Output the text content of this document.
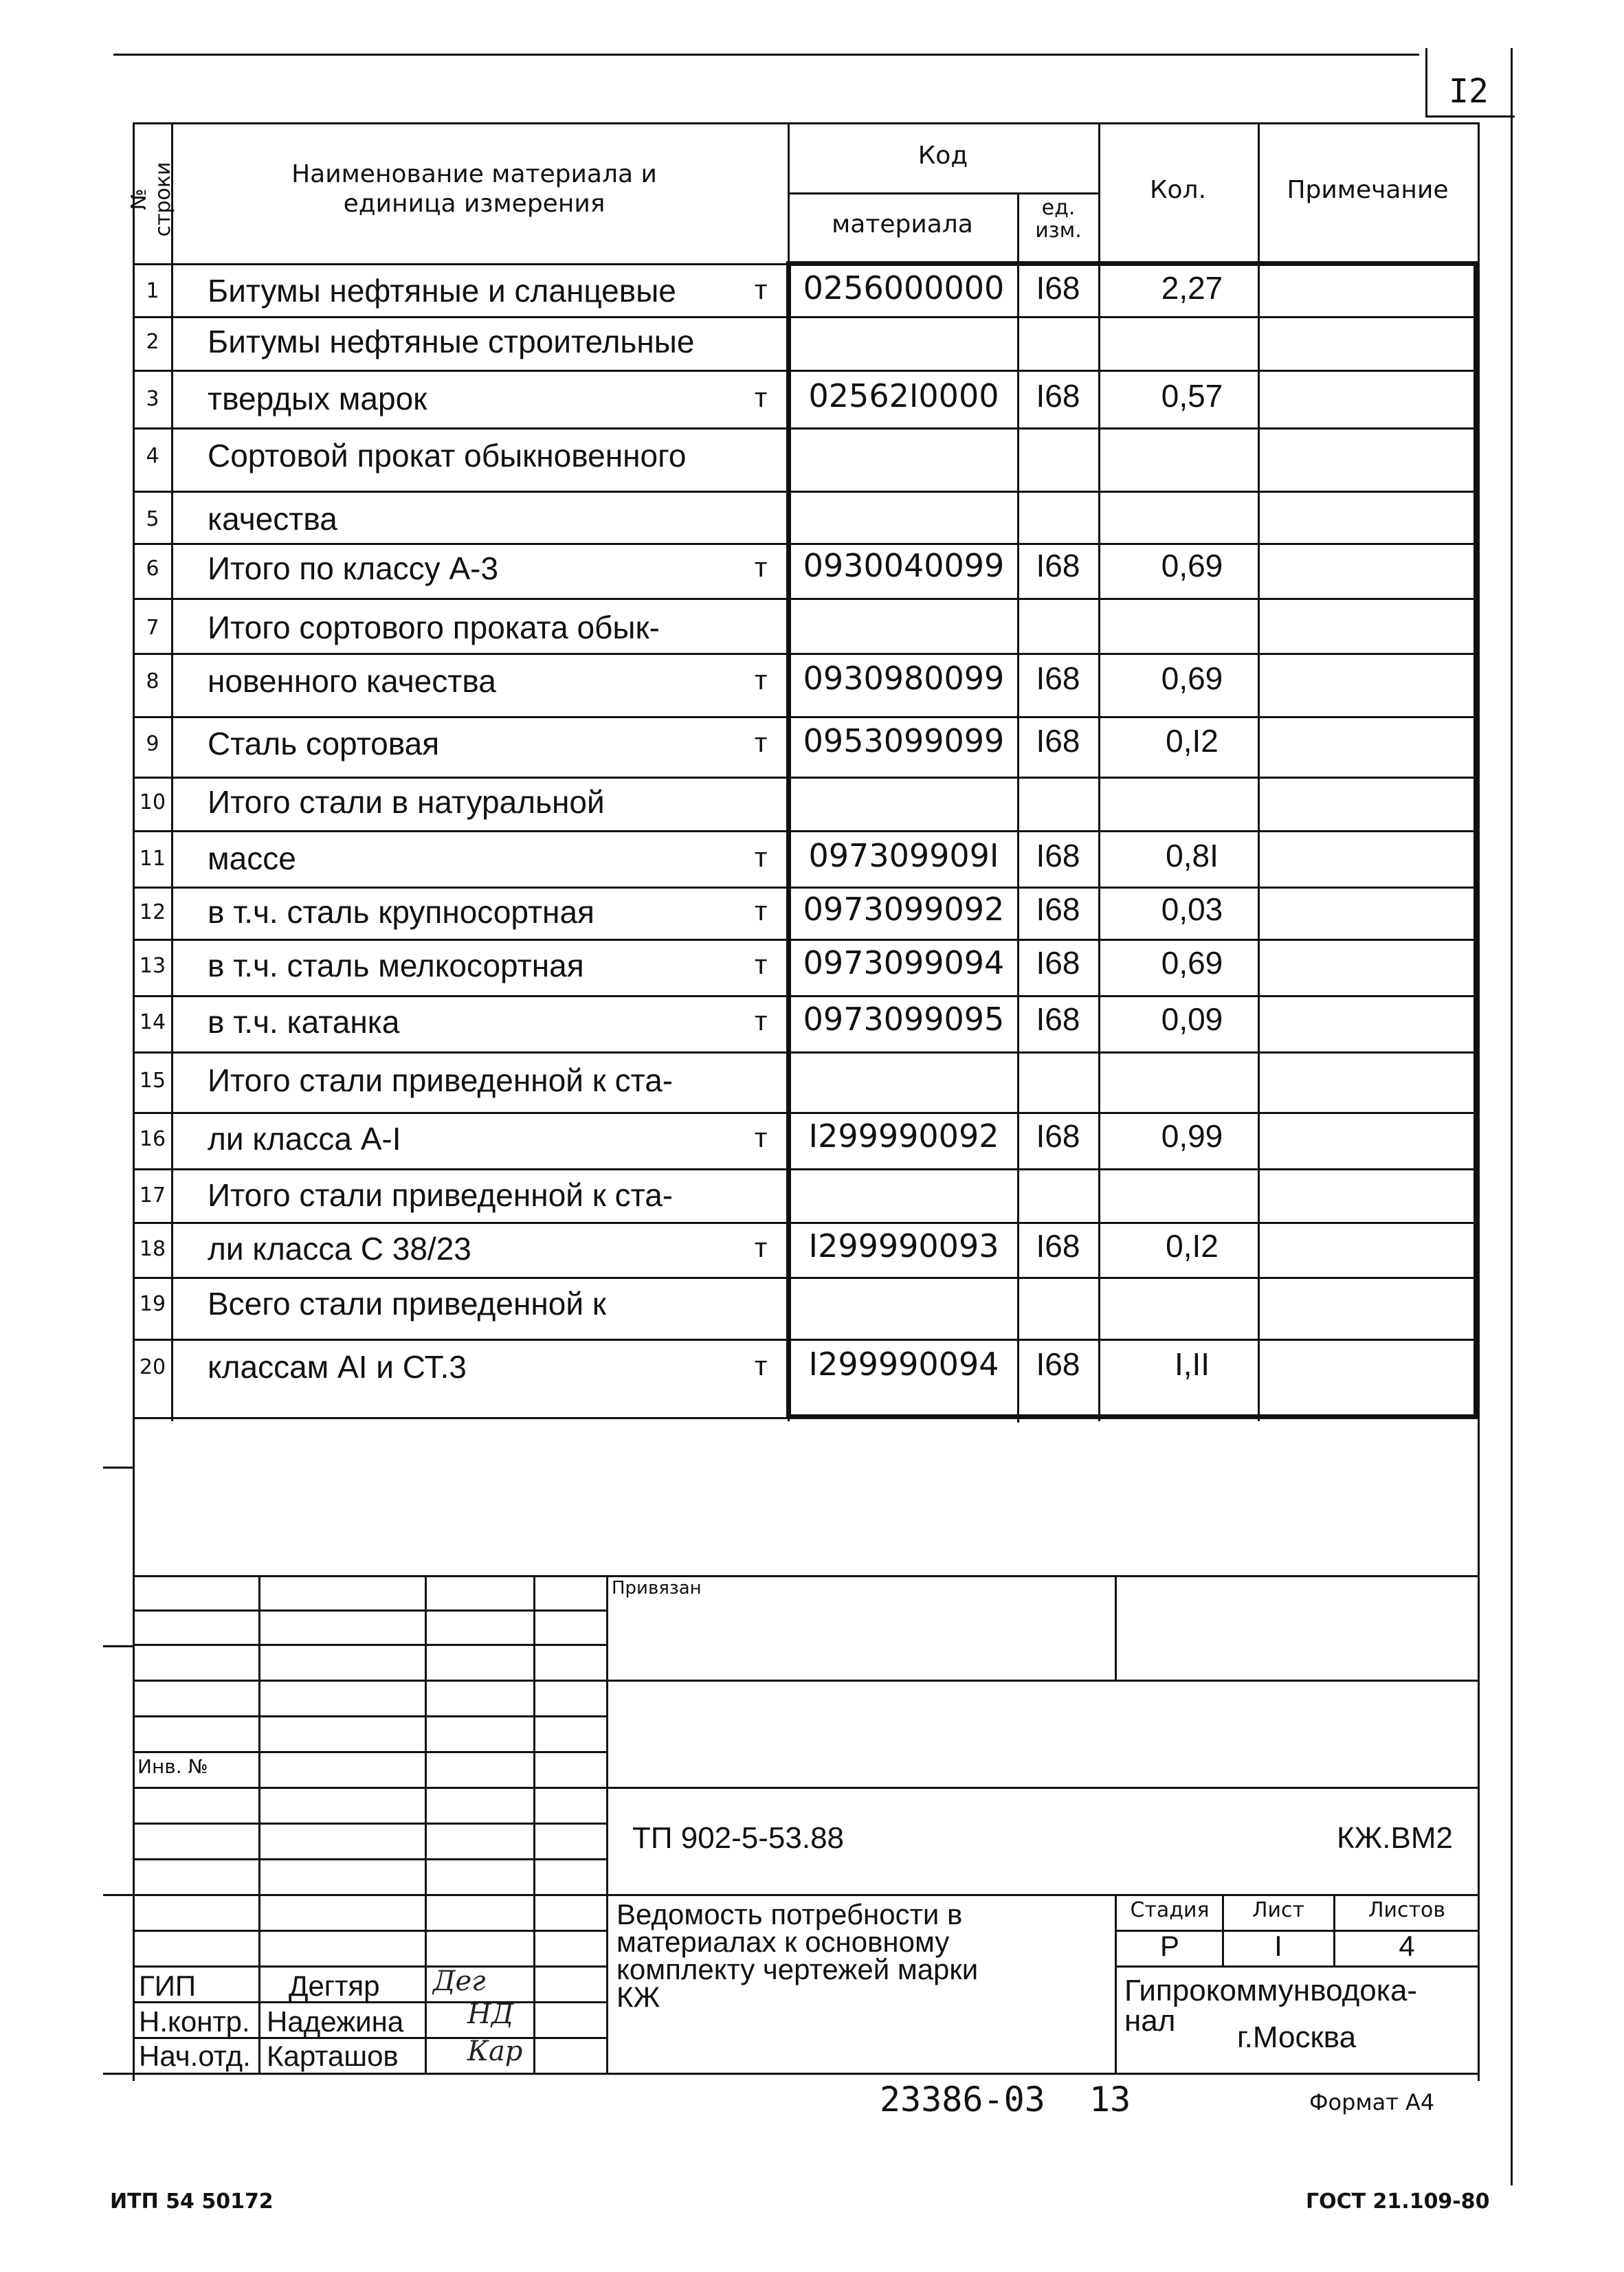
I2
№ строки	Наименование материала и единица измерения
Код
материала
ед. изм.
Кол.	Примечание
1	Битумы нефтяные и сланцевые	т	0256000000	I68	2,27
2	Битумы нефтяные строительные
3	твердых марок	т	02562I0000	I68	0,57
4	Сортовой прокат обыкновенного
5	качества
6	Итого по классу А-3	т	0930040099	I68	0,69
7	Итого сортового проката обык-
8	новенного качества	т	0930980099	I68	0,69
9	Сталь сортовая	т	0953099099	I68	0,I2
10 Итого стали в натуральной
11 массе	т	097309909I	I68	0,8I
12 в т.ч. сталь крупносортная	т	0973099092	I68	0,03
13 в т.ч. сталь мелкосортная	т	0973099094	I68	0,69
14 в т.ч. катанка	т	0973099095	I68	0,09
15 Итого стали приведенной к ста-
16 ли класса А-I	т	I299990092	I68	0,99
17 Итого стали приведенной к ста-
18 ли класса С 38/23	т	I299990093	I68	0,I2
19 Всего стали приведенной к
20 классам АI и СТ.3	т	I299990094	I68	I,II
Привязан
Инв. №
ТП 902-5-53.88	КЖ.ВМ2
Ведомость потребности в
материалах к основному
комплекту чертежей марки
КЖ
Стадия	Лист	Листов
Р	I	4
Гипрокоммунводока-
нал г.Москва
ГИП	Дегтяр Дег
Н.контр. Надежина НД
Нач.отд. Карташов	Кар
23386-03 13	Формат А4
ИТП 54 50172	ГОСТ 21.109-80
